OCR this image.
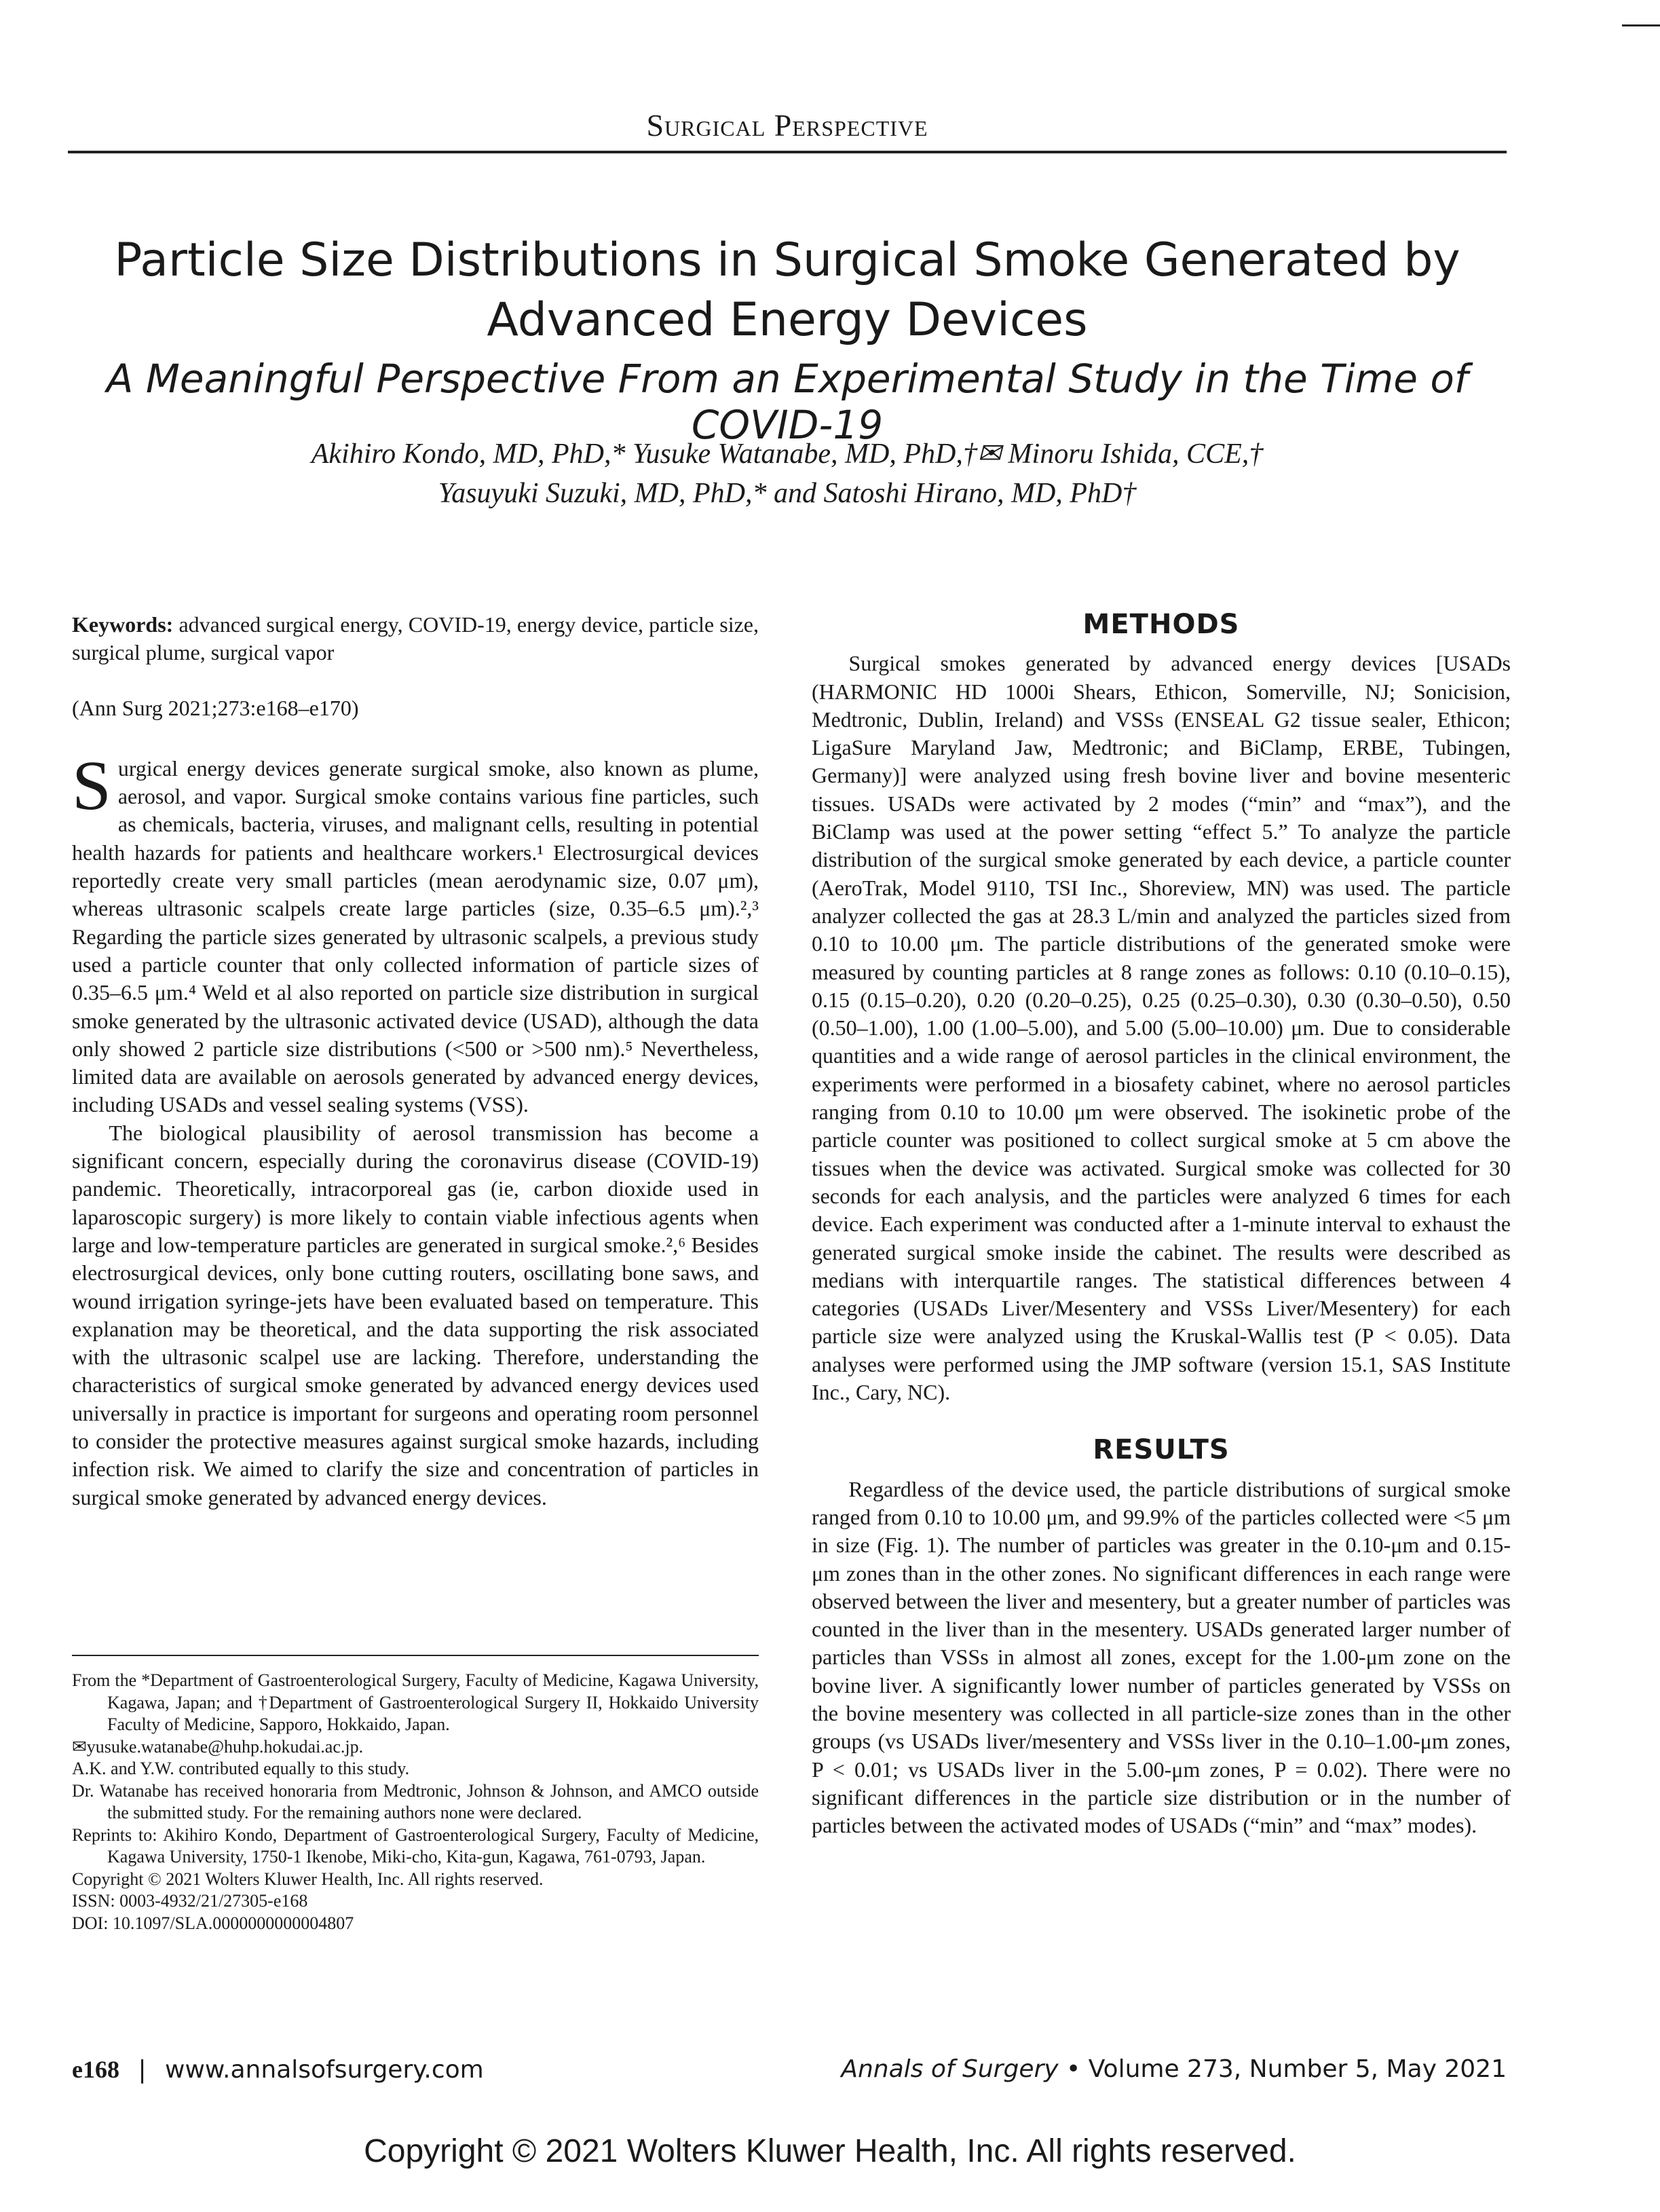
Surgical Perspective
Particle Size Distributions in Surgical Smoke Generated by
Advanced Energy Devices
A Meaningful Perspective From an Experimental Study in the Time of COVID-19
Akihiro Kondo, MD, PhD,* Yusuke Watanabe, MD, PhD,†✉ Minoru Ishida, CCE,†
Yasuyuki Suzuki, MD, PhD,* and Satoshi Hirano, MD, PhD†

Keywords: advanced surgical energy, COVID-19, energy device, particle size, surgical plume, surgical vapor

(Ann Surg 2021;273:e168–e170)

Surgical energy devices generate surgical smoke, also known as plume, aerosol, and vapor. Surgical smoke contains various fine particles, such as chemicals, bacteria, viruses, and malignant cells, resulting in potential health hazards for patients and healthcare workers.¹ Electrosurgical devices reportedly create very small particles (mean aerodynamic size, 0.07 μm), whereas ultrasonic scalpels create large particles (size, 0.35–6.5 μm).²,³ Regarding the particle sizes generated by ultrasonic scalpels, a previous study used a particle counter that only collected information of particle sizes of 0.35–6.5 μm.⁴ Weld et al also reported on particle size distribution in surgical smoke generated by the ultrasonic activated device (USAD), although the data only showed 2 particle size distributions (<500 or >500 nm).⁵ Nevertheless, limited data are available on aerosols generated by advanced energy devices, including USADs and vessel sealing systems (VSS).

The biological plausibility of aerosol transmission has become a significant concern, especially during the coronavirus disease (COVID-19) pandemic. Theoretically, intracorporeal gas (ie, carbon dioxide used in laparoscopic surgery) is more likely to contain viable infectious agents when large and low-temperature particles are generated in surgical smoke.²,⁶ Besides electrosurgical devices, only bone cutting routers, oscillating bone saws, and wound irrigation syringe-jets have been evaluated based on temperature. This explanation may be theoretical, and the data supporting the risk associated with the ultrasonic scalpel use are lacking. Therefore, understanding the characteristics of surgical smoke generated by advanced energy devices used universally in practice is important for surgeons and operating room personnel to consider the protective measures against surgical smoke hazards, including infection risk. We aimed to clarify the size and concentration of particles in surgical smoke generated by advanced energy devices.

From the *Department of Gastroenterological Surgery, Faculty of Medicine, Kagawa University, Kagawa, Japan; and †Department of Gastroenterological Surgery II, Hokkaido University Faculty of Medicine, Sapporo, Hokkaido, Japan.

✉yusuke.watanabe@huhp.hokudai.ac.jp.

A.K. and Y.W. contributed equally to this study.

Dr. Watanabe has received honoraria from Medtronic, Johnson & Johnson, and AMCO outside the submitted study. For the remaining authors none were declared.

Reprints to: Akihiro Kondo, Department of Gastroenterological Surgery, Faculty of Medicine, Kagawa University, 1750-1 Ikenobe, Miki-cho, Kita-gun, Kagawa, 761-0793, Japan.

Copyright © 2021 Wolters Kluwer Health, Inc. All rights reserved.

ISSN: 0003-4932/21/27305-e168

DOI: 10.1097/SLA.0000000000004807

METHODS

Surgical smokes generated by advanced energy devices [USADs (HARMONIC HD 1000i Shears, Ethicon, Somerville, NJ; Sonicision, Medtronic, Dublin, Ireland) and VSSs (ENSEAL G2 tissue sealer, Ethicon; LigaSure Maryland Jaw, Medtronic; and BiClamp, ERBE, Tubingen, Germany)] were analyzed using fresh bovine liver and bovine mesenteric tissues. USADs were activated by 2 modes (“min” and “max”), and the BiClamp was used at the power setting “effect 5.” To analyze the particle distribution of the surgical smoke generated by each device, a particle counter (AeroTrak, Model 9110, TSI Inc., Shoreview, MN) was used. The particle analyzer collected the gas at 28.3 L/min and analyzed the particles sized from 0.10 to 10.00 μm. The particle distributions of the generated smoke were measured by counting particles at 8 range zones as follows: 0.10 (0.10–0.15), 0.15 (0.15–0.20), 0.20 (0.20–0.25), 0.25 (0.25–0.30), 0.30 (0.30–0.50), 0.50 (0.50–1.00), 1.00 (1.00–5.00), and 5.00 (5.00–10.00) μm. Due to considerable quantities and a wide range of aerosol particles in the clinical environment, the experiments were performed in a biosafety cabinet, where no aerosol particles ranging from 0.10 to 10.00 μm were observed. The isokinetic probe of the particle counter was positioned to collect surgical smoke at 5 cm above the tissues when the device was activated. Surgical smoke was collected for 30 seconds for each analysis, and the particles were analyzed 6 times for each device. Each experiment was conducted after a 1-minute interval to exhaust the generated surgical smoke inside the cabinet. The results were described as medians with interquartile ranges. The statistical differences between 4 categories (USADs Liver/Mesentery and VSSs Liver/Mesentery) for each particle size were analyzed using the Kruskal-Wallis test (P < 0.05). Data analyses were performed using the JMP software (version 15.1, SAS Institute Inc., Cary, NC).

RESULTS

Regardless of the device used, the particle distributions of surgical smoke ranged from 0.10 to 10.00 μm, and 99.9% of the particles collected were <5 μm in size (Fig. 1). The number of particles was greater in the 0.10-μm and 0.15-μm zones than in the other zones. No significant differences in each range were observed between the liver and mesentery, but a greater number of particles was counted in the liver than in the mesentery. USADs generated larger number of particles than VSSs in almost all zones, except for the 1.00-μm zone on the bovine liver. A significantly lower number of particles generated by VSSs on the bovine mesentery was collected in all particle-size zones than in the other groups (vs USADs liver/mesentery and VSSs liver in the 0.10–1.00-μm zones, P < 0.01; vs USADs liver in the 5.00-μm zones, P = 0.02). There were no significant differences in the particle size distribution or in the number of particles between the activated modes of USADs (“min” and “max” modes).

e168 | www.annalsofsurgery.com	Annals of Surgery • Volume 273, Number 5, May 2021
Copyright © 2021 Wolters Kluwer Health, Inc. All rights reserved.
